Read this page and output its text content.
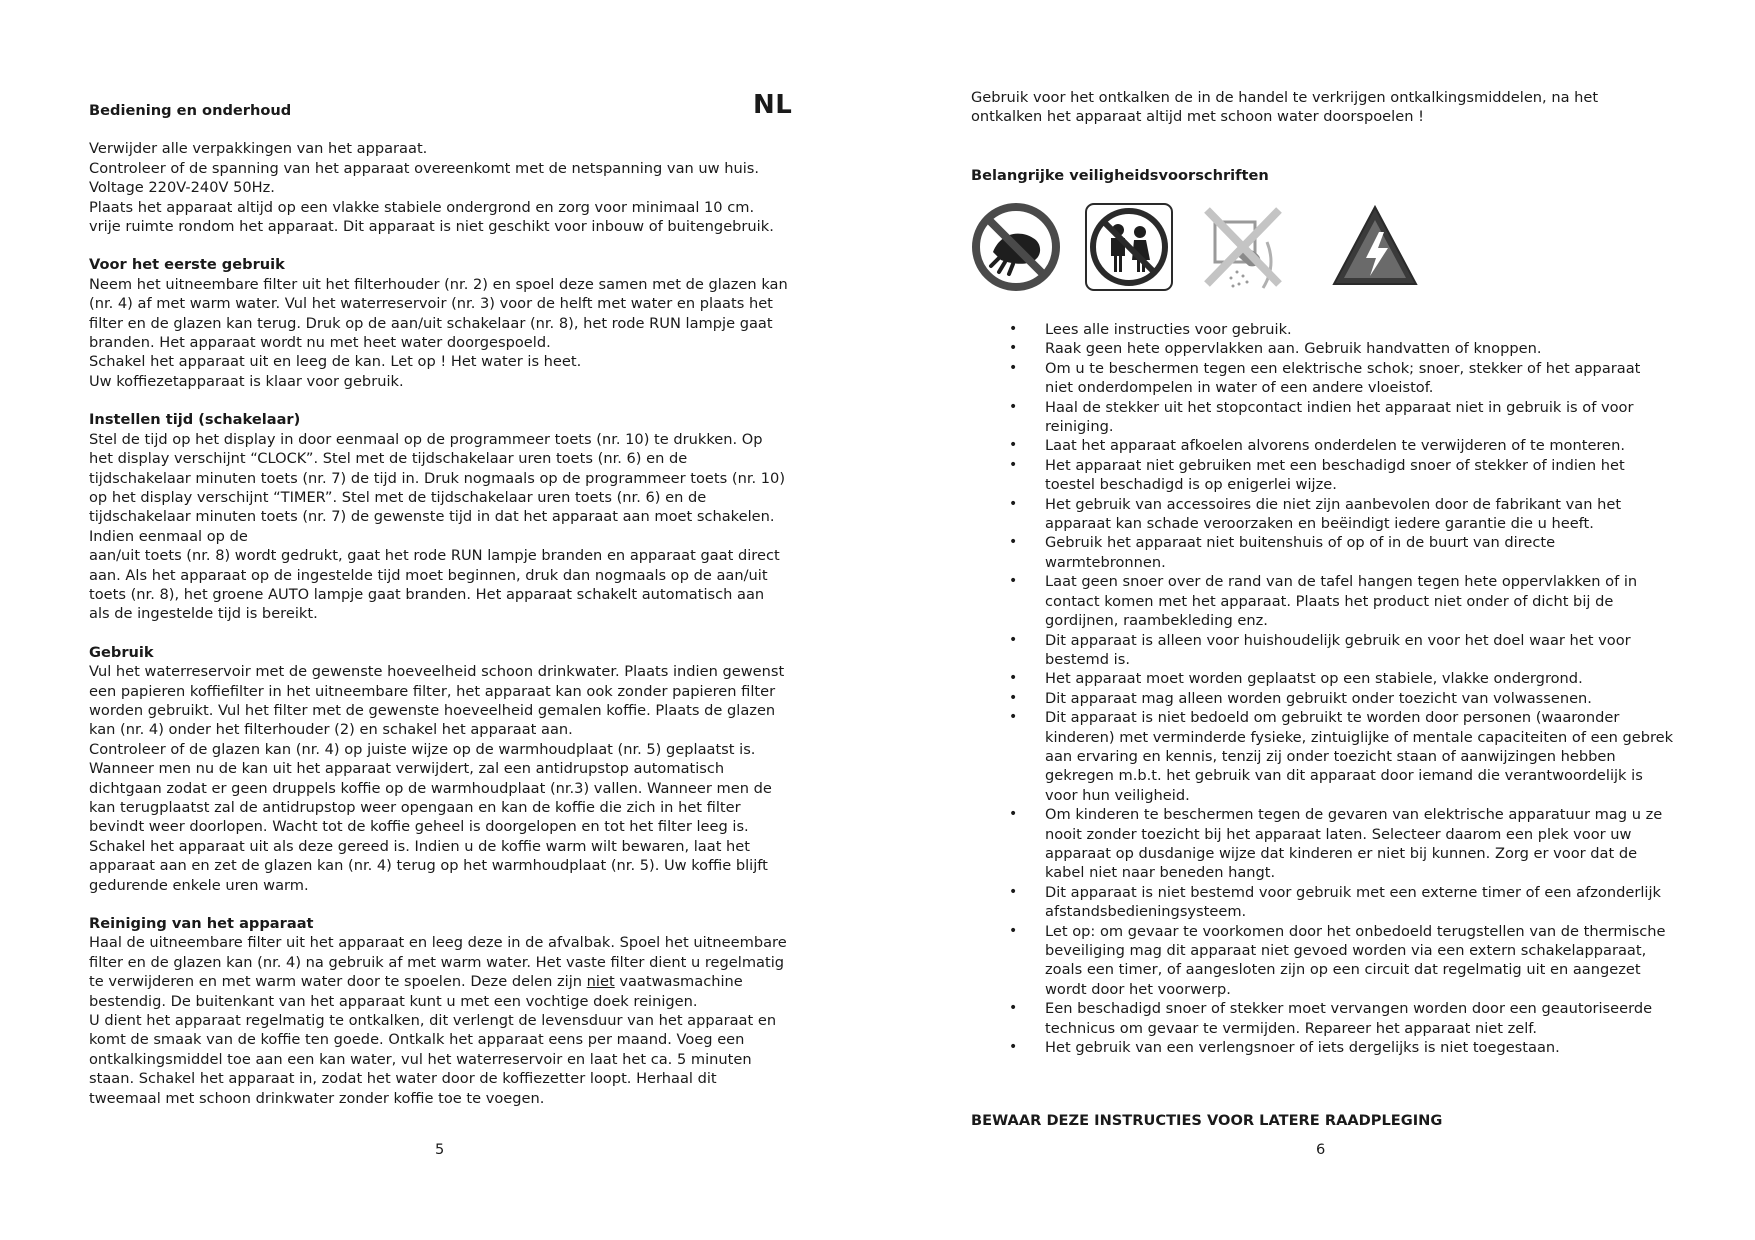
NL

Bediening en onderhoud

Verwijder alle verpakkingen van het apparaat.
Controleer of de spanning van het apparaat overeenkomt met de netspanning van uw huis.
Voltage 220V-240V 50Hz.
Plaats het apparaat altijd op een vlakke stabiele ondergrond en zorg voor minimaal 10 cm.
vrije ruimte rondom het apparaat. Dit apparaat is niet geschikt voor inbouw of buitengebruik.

Voor het eerste gebruik

Neem het uitneembare filter uit het filterhouder (nr. 2) en spoel deze samen met de glazen kan
(nr. 4) af met warm water. Vul het waterreservoir (nr. 3) voor de helft met water en plaats het
filter en de glazen kan terug. Druk op de aan/uit schakelaar (nr. 8), het rode RUN lampje gaat
branden. Het apparaat wordt nu met heet water doorgespoeld.
Schakel het apparaat uit en leeg de kan. Let op ! Het water is heet.
Uw koffiezetapparaat is klaar voor gebruik.

Instellen tijd (schakelaar)

Stel de tijd op het display in door eenmaal op de programmeer toets (nr. 10) te drukken. Op
het display verschijnt “CLOCK”. Stel met de tijdschakelaar uren toets (nr. 6) en de
tijdschakelaar minuten toets (nr. 7) de tijd in. Druk nogmaals op de programmeer toets (nr. 10)
op het display verschijnt “TIMER”. Stel met de tijdschakelaar uren toets (nr. 6) en de
tijdschakelaar minuten toets (nr. 7) de gewenste tijd in dat het apparaat aan moet schakelen.
Indien eenmaal op de
aan/uit toets (nr. 8) wordt gedrukt, gaat het rode RUN lampje branden en apparaat gaat direct
aan. Als het apparaat op de ingestelde tijd moet beginnen, druk dan nogmaals op de aan/uit
toets (nr. 8), het groene AUTO lampje gaat branden. Het apparaat schakelt automatisch aan
als de ingestelde tijd is bereikt.

Gebruik

Vul het waterreservoir met de gewenste hoeveelheid schoon drinkwater. Plaats indien gewenst
een papieren koffiefilter in het uitneembare filter, het apparaat kan ook zonder papieren filter
worden gebruikt. Vul het filter met de gewenste hoeveelheid gemalen koffie. Plaats de glazen
kan (nr. 4) onder het filterhouder (2) en schakel het apparaat aan.
Controleer of de glazen kan (nr. 4) op juiste wijze op de warmhoudplaat (nr. 5) geplaatst is.
Wanneer men nu de kan uit het apparaat verwijdert, zal een antidrupstop automatisch
dichtgaan zodat er geen druppels koffie op de warmhoudplaat (nr.3) vallen. Wanneer men de
kan terugplaatst zal de antidrupstop weer opengaan en kan de koffie die zich in het filter
bevindt weer doorlopen. Wacht tot de koffie geheel is doorgelopen en tot het filter leeg is.
Schakel het apparaat uit als deze gereed is. Indien u de koffie warm wilt bewaren, laat het
apparaat aan en zet de glazen kan (nr. 4) terug op het warmhoudplaat (nr. 5). Uw koffie blijft
gedurende enkele uren warm.

Reiniging van het apparaat

Haal de uitneembare filter uit het apparaat en leeg deze in de afvalbak. Spoel het uitneembare
filter en de glazen kan (nr. 4) na gebruik af met warm water. Het vaste filter dient u regelmatig
te verwijderen en met warm water door te spoelen. Deze delen zijn niet vaatwasmachine
bestendig. De buitenkant van het apparaat kunt u met een vochtige doek reinigen.
U dient het apparaat regelmatig te ontkalken, dit verlengt de levensduur van het apparaat en
komt de smaak van de koffie ten goede. Ontkalk het apparaat eens per maand. Voeg een
ontkalkingsmiddel toe aan een kan water, vul het waterreservoir en laat het ca. 5 minuten
staan. Schakel het apparaat in, zodat het water door de koffiezetter loopt. Herhaal dit
tweemaal met schoon drinkwater zonder koffie toe te voegen.
5
Gebruik voor het ontkalken de in de handel te verkrijgen ontkalkingsmiddelen, na het
ontkalken het apparaat altijd met schoon water doorspoelen !

Belangrijke veiligheidsvoorschriften

• Lees alle instructies voor gebruik.
• Raak geen hete oppervlakken aan. Gebruik handvatten of knoppen.
• Om u te beschermen tegen een elektrische schok; snoer, stekker of het apparaat
niet onderdompelen in water of een andere vloeistof.
• Haal de stekker uit het stopcontact indien het apparaat niet in gebruik is of voor
reiniging.
• Laat het apparaat afkoelen alvorens onderdelen te verwijderen of te monteren.
• Het apparaat niet gebruiken met een beschadigd snoer of stekker of indien het
toestel beschadigd is op enigerlei wijze.
• Het gebruik van accessoires die niet zijn aanbevolen door de fabrikant van het
apparaat kan schade veroorzaken en beëindigt iedere garantie die u heeft.
• Gebruik het apparaat niet buitenshuis of op of in de buurt van directe
warmtebronnen.
• Laat geen snoer over de rand van de tafel hangen tegen hete oppervlakken of in
contact komen met het apparaat. Plaats het product niet onder of dicht bij de
gordijnen, raambekleding enz.
• Dit apparaat is alleen voor huishoudelijk gebruik en voor het doel waar het voor
bestemd is.
• Het apparaat moet worden geplaatst op een stabiele, vlakke ondergrond.
• Dit apparaat mag alleen worden gebruikt onder toezicht van volwassenen.
• Dit apparaat is niet bedoeld om gebruikt te worden door personen (waaronder
kinderen) met verminderde fysieke, zintuiglijke of mentale capaciteiten of een gebrek
aan ervaring en kennis, tenzij zij onder toezicht staan of aanwijzingen hebben
gekregen m.b.t. het gebruik van dit apparaat door iemand die verantwoordelijk is
voor hun veiligheid.
• Om kinderen te beschermen tegen de gevaren van elektrische apparatuur mag u ze
nooit zonder toezicht bij het apparaat laten. Selecteer daarom een plek voor uw
apparaat op dusdanige wijze dat kinderen er niet bij kunnen. Zorg er voor dat de
kabel niet naar beneden hangt.
• Dit apparaat is niet bestemd voor gebruik met een externe timer of een afzonderlijk
afstandsbedieningsysteem.
• Let op: om gevaar te voorkomen door het onbedoeld terugstellen van de thermische
beveiliging mag dit apparaat niet gevoed worden via een extern schakelapparaat,
zoals een timer, of aangesloten zijn op een circuit dat regelmatig uit en aangezet
wordt door het voorwerp.
• Een beschadigd snoer of stekker moet vervangen worden door een geautoriseerde
technicus om gevaar te vermijden. Repareer het apparaat niet zelf.
• Het gebruik van een verlengsnoer of iets dergelijks is niet toegestaan.

BEWAAR DEZE INSTRUCTIES VOOR LATERE RAADPLEGING

6
